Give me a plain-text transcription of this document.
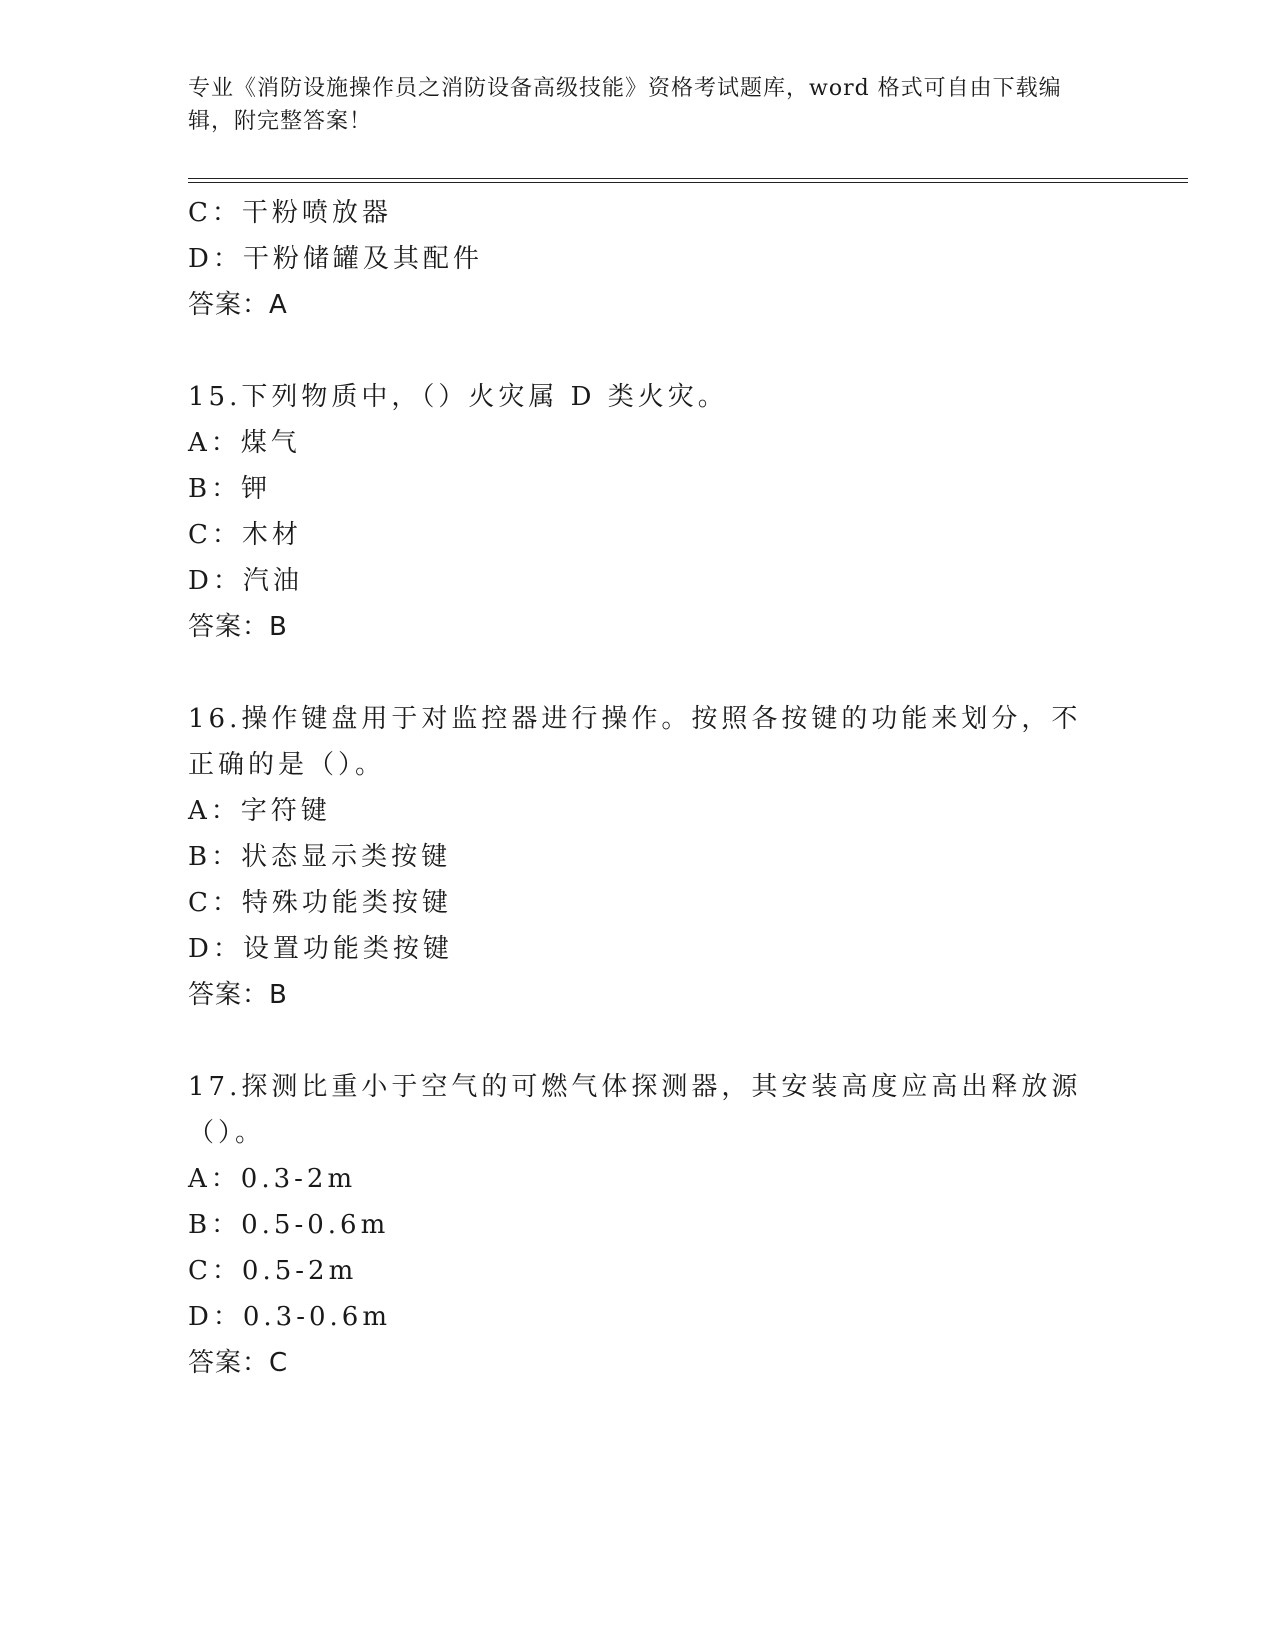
专业《消防设施操作员之消防设备高级技能》资格考试题库，word 格式可自由下载编辑，附完整答案！
C：干粉喷放器
D：干粉储罐及其配件
答案：A
15.下列物质中，（）火灾属 D 类火灾。
A：煤气
B：钾
C：木材
D：汽油
答案：B
16.操作键盘用于对监控器进行操作。按照各按键的功能来划分，不正确的是（）。
A：字符键
B：状态显示类按键
C：特殊功能类按键
D：设置功能类按键
答案：B
17.探测比重小于空气的可燃气体探测器，其安装高度应高出释放源（）。
A：0.3-2m
B：0.5-0.6m
C：0.5-2m
D：0.3-0.6m
答案：C
